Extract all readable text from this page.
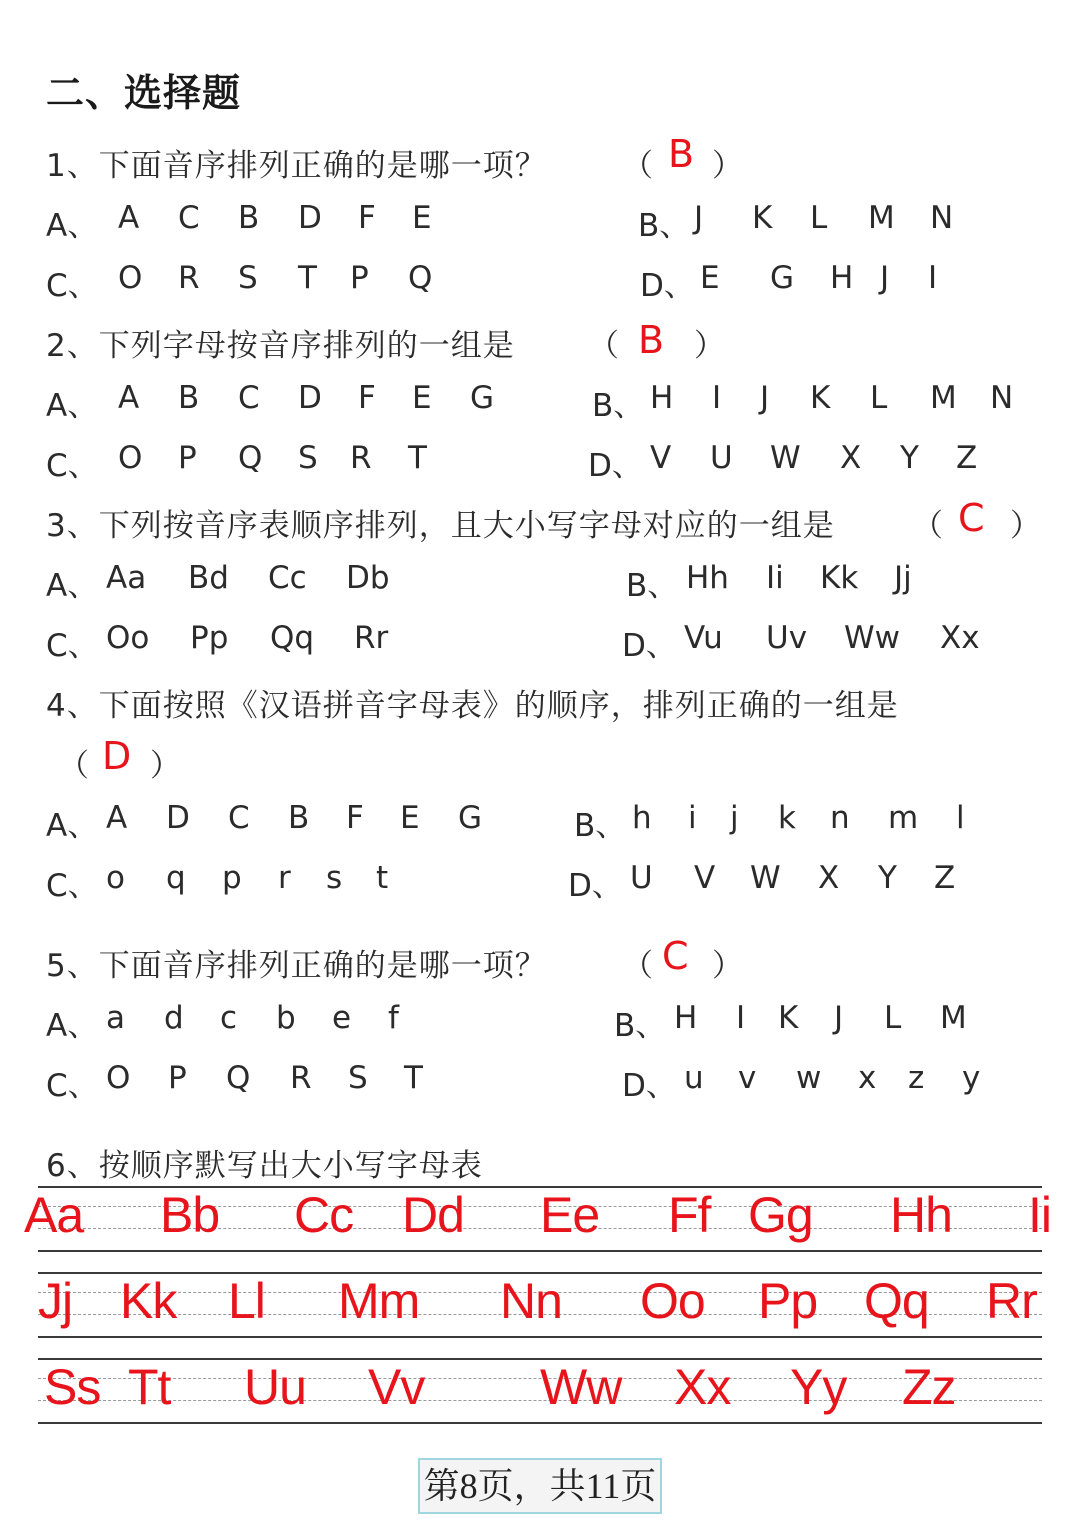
二、选择题
1、下面音序排列正确的是哪一项？ （ B ）
A、 A C B D F E	B、 J K L M N
C、 O R S T P Q	D、 E G H J I
2、下列字母按音序排列的一组是 （ B ）
A、 A B C D F E G	B、 H I J K L M N
C、 O P Q S R T	D、 V U W X Y Z
3、下列按音序表顺序排列，且大小写字母对应的一组是 （ C ）
A、 Aa Bd Cc Db	B、 Hh Ii Kk Jj
C、 Oo Pp Qq Rr	D、 Vu Uv Ww Xx
4、下面按照《汉语拼音字母表》的顺序，排列正确的一组是
（ D ）
A、 A D C B F E G	B、 h i j k n m l
C、 o q p r s t	D、 U V W X Y Z
5、下面音序排列正确的是哪一项？ （ C ）
A、 a d c b e f	B、 H I K J L M
C、 O P Q R S T	D、 u v w x z y
6、按顺序默写出大小写字母表
Aa Bb Cc Dd Ee Ff Gg Hh Ii
Jj Kk Ll Mm Nn Oo Pp Qq Rr
Ss Tt Uu Vv Ww Xx Yy Zz
第8页，共11页
